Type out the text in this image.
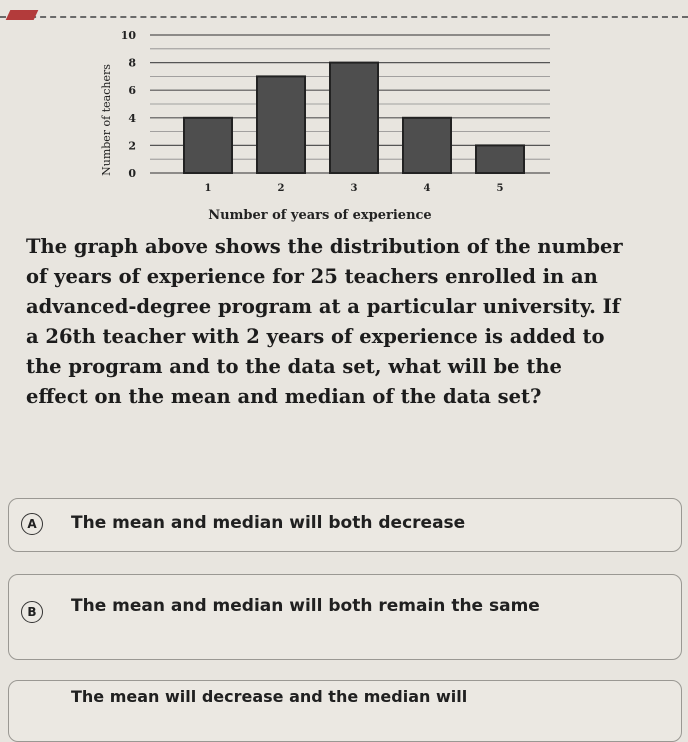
0
2
4
6
8
10
1	2	3	4	5
Number of teachers
Number of years of experience
The graph above shows the distribution of the number of years of experience for 25 teachers enrolled in an advanced-degree program at a particular university. If a 26th teacher with 2 years of experience is added to the program and to the data set, what will be the effect on the mean and median of the data set?
A	The mean and median will both decrease
B	The mean and median will both remain the same
The mean will decrease and the median will
